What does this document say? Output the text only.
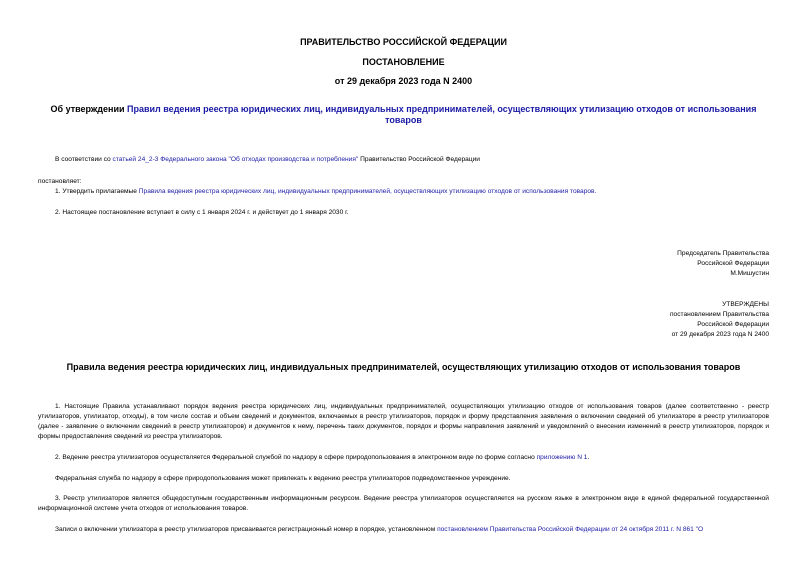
ПРАВИТЕЛЬСТВО РОССИЙСКОЙ ФЕДЕРАЦИИ
ПОСТАНОВЛЕНИЕ
от 29 декабря 2023 года N 2400
Об утверждении Правил ведения реестра юридических лиц, индивидуальных предпринимателей, осуществляющих утилизацию отходов от использования товаров
В соответствии со статьей 24_2-3 Федерального закона "Об отходах производства и потребления" Правительство Российской Федерации
постановляет:
1. Утвердить прилагаемые Правила ведения реестра юридических лиц, индивидуальных предпринимателей, осуществляющих утилизацию отходов от использования товаров.
2. Настоящее постановление вступает в силу с 1 января 2024 г. и действует до 1 января 2030 г.
Председатель Правительства
Российской Федерации
М.Мишустин
УТВЕРЖДЕНЫ
постановлением Правительства
Российской Федерации
от 29 декабря 2023 года N 2400
Правила ведения реестра юридических лиц, индивидуальных предпринимателей, осуществляющих утилизацию отходов от использования товаров
1. Настоящие Правила устанавливают порядок ведения реестра юридических лиц, индивидуальных предпринимателей, осуществляющих утилизацию отходов от использования товаров (далее соответственно - реестр утилизаторов, утилизатор, отходы), в том числе состав и объем сведений и документов, включаемых в реестр утилизаторов, порядок и форму представления заявления о включении сведений об утилизаторе в реестр утилизаторов (далее - заявление о включении сведений в реестр утилизаторов) и документов к нему, перечень таких документов, порядок и формы направления заявлений и уведомлений о внесении изменений в реестр утилизаторов, порядок и формы предоставления сведений из реестра утилизаторов.
2. Ведение реестра утилизаторов осуществляется Федеральной службой по надзору в сфере природопользования в электронном виде по форме согласно приложению N 1.
Федеральная служба по надзору в сфере природопользования может привлекать к ведению реестра утилизаторов подведомственное учреждение.
3. Реестр утилизаторов является общедоступным государственным информационным ресурсом. Ведение реестра утилизаторов осуществляется на русском языке в электронном виде в единой федеральной государственной информационной системе учета отходов от использования товаров.
Записи о включении утилизатора в реестр утилизаторов присваивается регистрационный номер в порядке, установленном постановлением Правительства Российской Федерации от 24 октября 2011 г. N 861 "О
